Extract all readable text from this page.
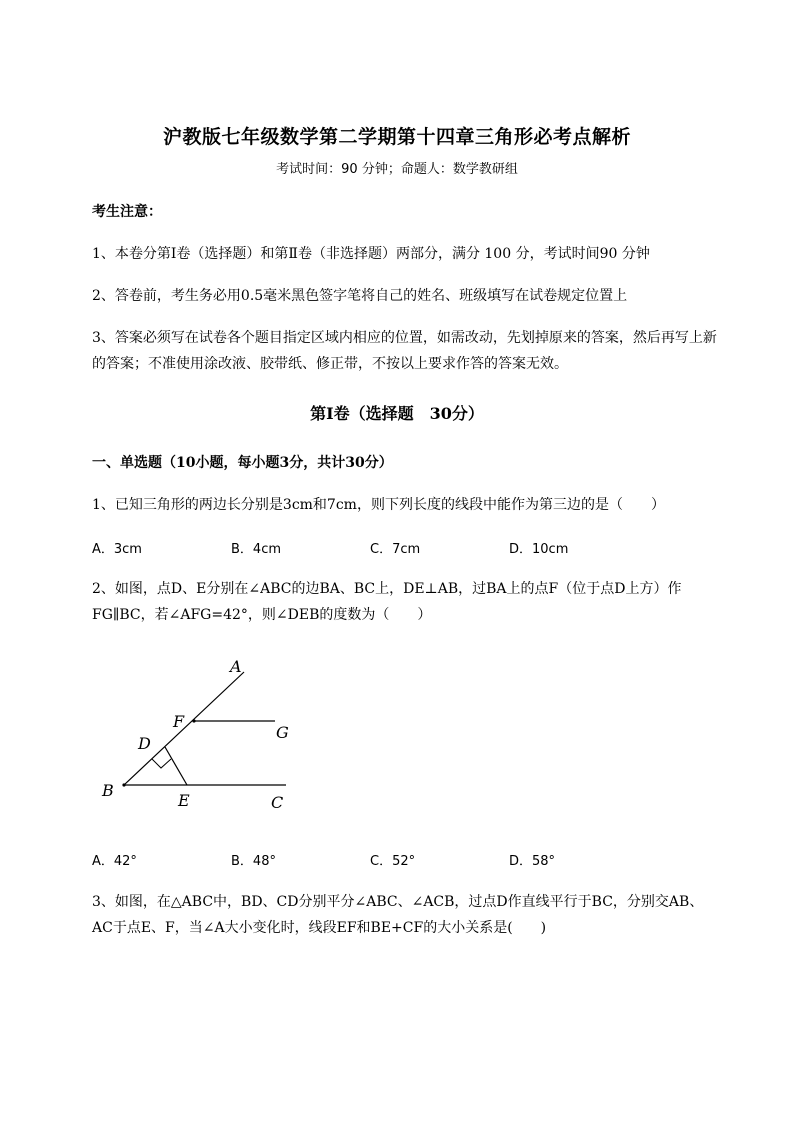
沪教版七年级数学第二学期第十四章三角形必考点解析
考试时间：90 分钟；命题人：数学教研组
考生注意：
1、本卷分第Ⅰ卷（选择题）和第Ⅱ卷（非选择题）两部分，满分 100 分，考试时间90 分钟
2、答卷前，考生务必用0.5毫米黑色签字笔将自己的姓名、班级填写在试卷规定位置上
3、答案必须写在试卷各个题目指定区域内相应的位置，如需改动，先划掉原来的答案，然后再写上新
的答案；不准使用涂改液、胶带纸、修正带，不按以上要求作答的答案无效。
第Ⅰ卷（选择题　30分）
一、单选题（10小题，每小题3分，共计30分）
1、已知三角形的两边长分别是3cm和7cm，则下列长度的线段中能作为第三边的是（　　）
A．3cm	B．4cm	C．7cm	D．10cm
2、如图，点D、E分别在∠ABC的边BA、BC上，DE⊥AB，过BA上的点F（位于点D上方）作
FG∥BC，若∠AFG=42°，则∠DEB的度数为（　　）
A
F
G
D
B
E	C
A．42°	B．48°	C．52°	D．58°
3、如图，在△ABC中，BD、CD分别平分∠ABC、∠ACB，过点D作直线平行于BC，分别交AB、
AC于点E、F，当∠A大小变化时，线段EF和BE+CF的大小关系是(　　)
